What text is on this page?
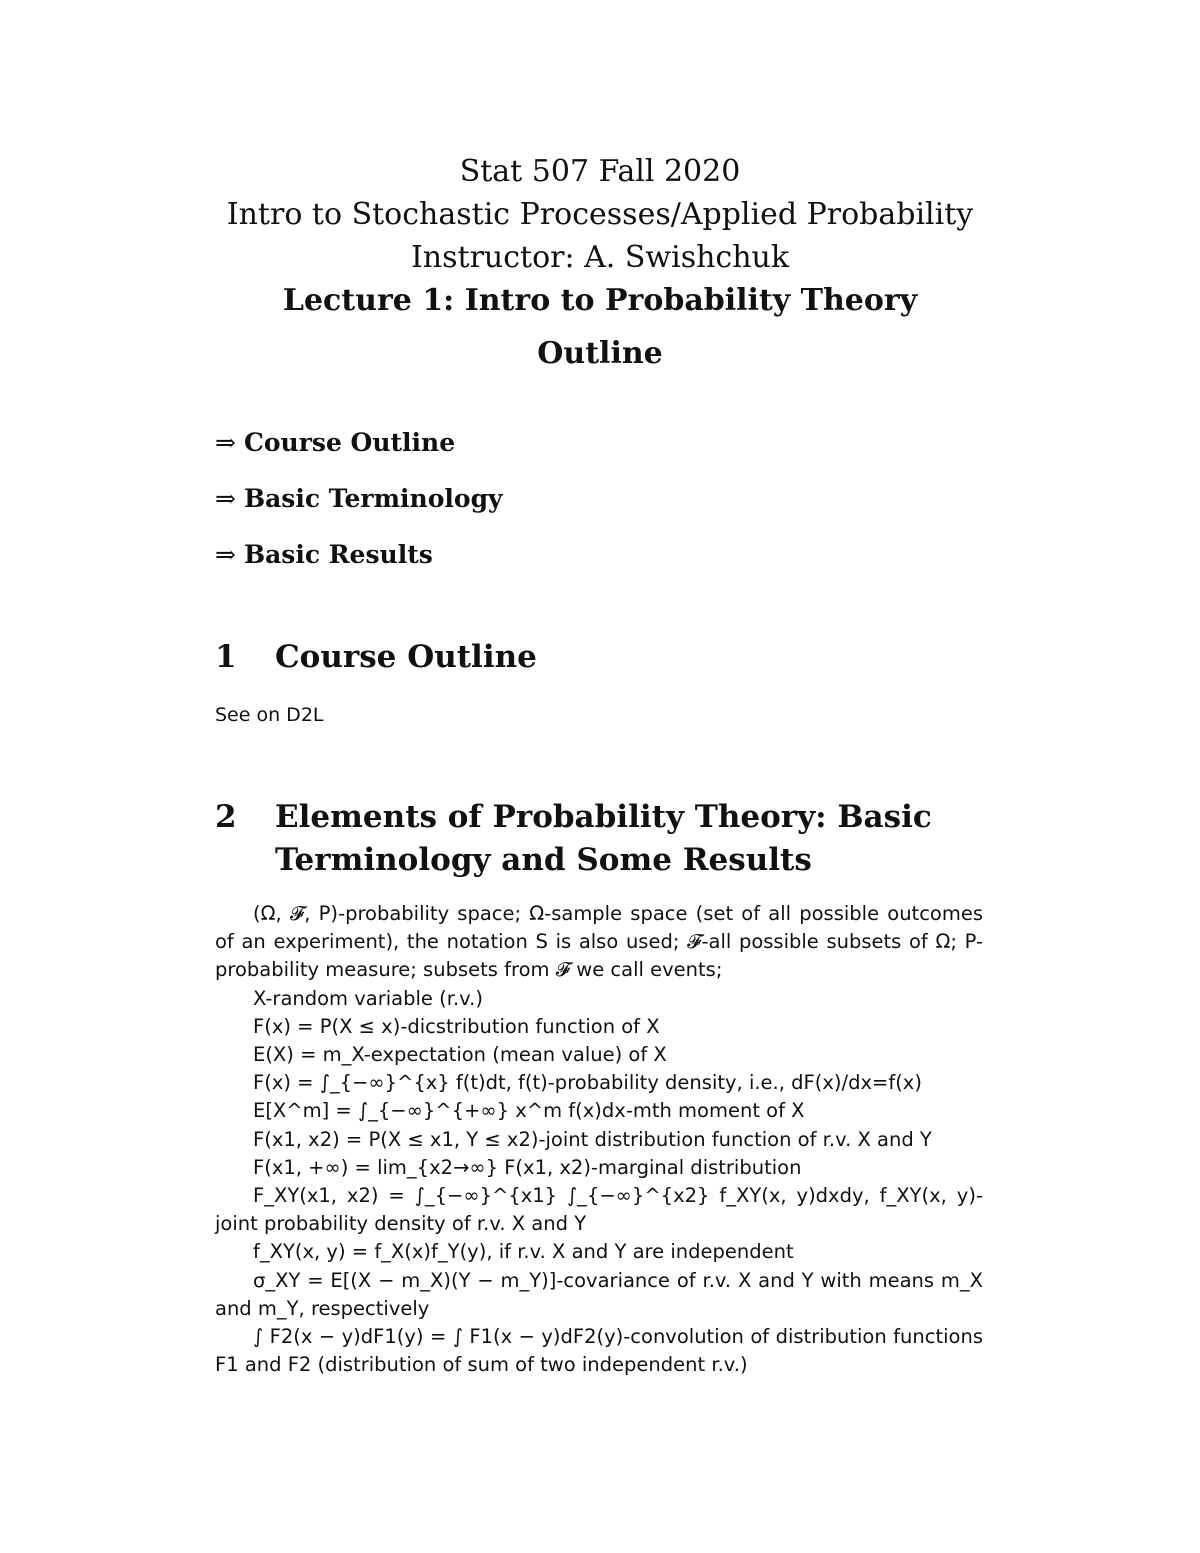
Stat 507 Fall 2020
Intro to Stochastic Processes/Applied Probability
Instructor: A. Swishchuk
Lecture 1: Intro to Probability Theory
Outline
⇒ Course Outline
⇒ Basic Terminology
⇒ Basic Results
1 Course Outline
See on D2L
2 Elements of Probability Theory: Basic Terminology and Some Results

(Ω, 𝓕, P)-probability space; Ω-sample space (set of all possible outcomes of an experiment), the notation S is also used; 𝓕-all possible subsets of Ω; P-probability measure; subsets from 𝓕 we call events;

X-random variable (r.v.)

F(x) = P(X ≤ x)-dicstribution function of X

E(X) = m_X-expectation (mean value) of X

F(x) = ∫_{−∞}^{x} f(t)dt, f(t)-probability density, i.e., dF(x)/dx=f(x)

E[X^m] = ∫_{−∞}^{+∞} x^m f(x)dx-mth moment of X

F(x1, x2) = P(X ≤ x1, Y ≤ x2)-joint distribution function of r.v. X and Y

F(x1, +∞) = lim_{x2→∞} F(x1, x2)-marginal distribution

F_XY(x1, x2) = ∫_{−∞}^{x1} ∫_{−∞}^{x2} f_XY(x, y)dxdy, f_XY(x, y)-joint probability density of r.v. X and Y

f_XY(x, y) = f_X(x)f_Y(y), if r.v. X and Y are independent

σ_XY = E[(X − m_X)(Y − m_Y)]-covariance of r.v. X and Y with means m_X and m_Y, respectively

∫ F2(x − y)dF1(y) = ∫ F1(x − y)dF2(y)-convolution of distribution functions F1 and F2 (distribution of sum of two independent r.v.)
